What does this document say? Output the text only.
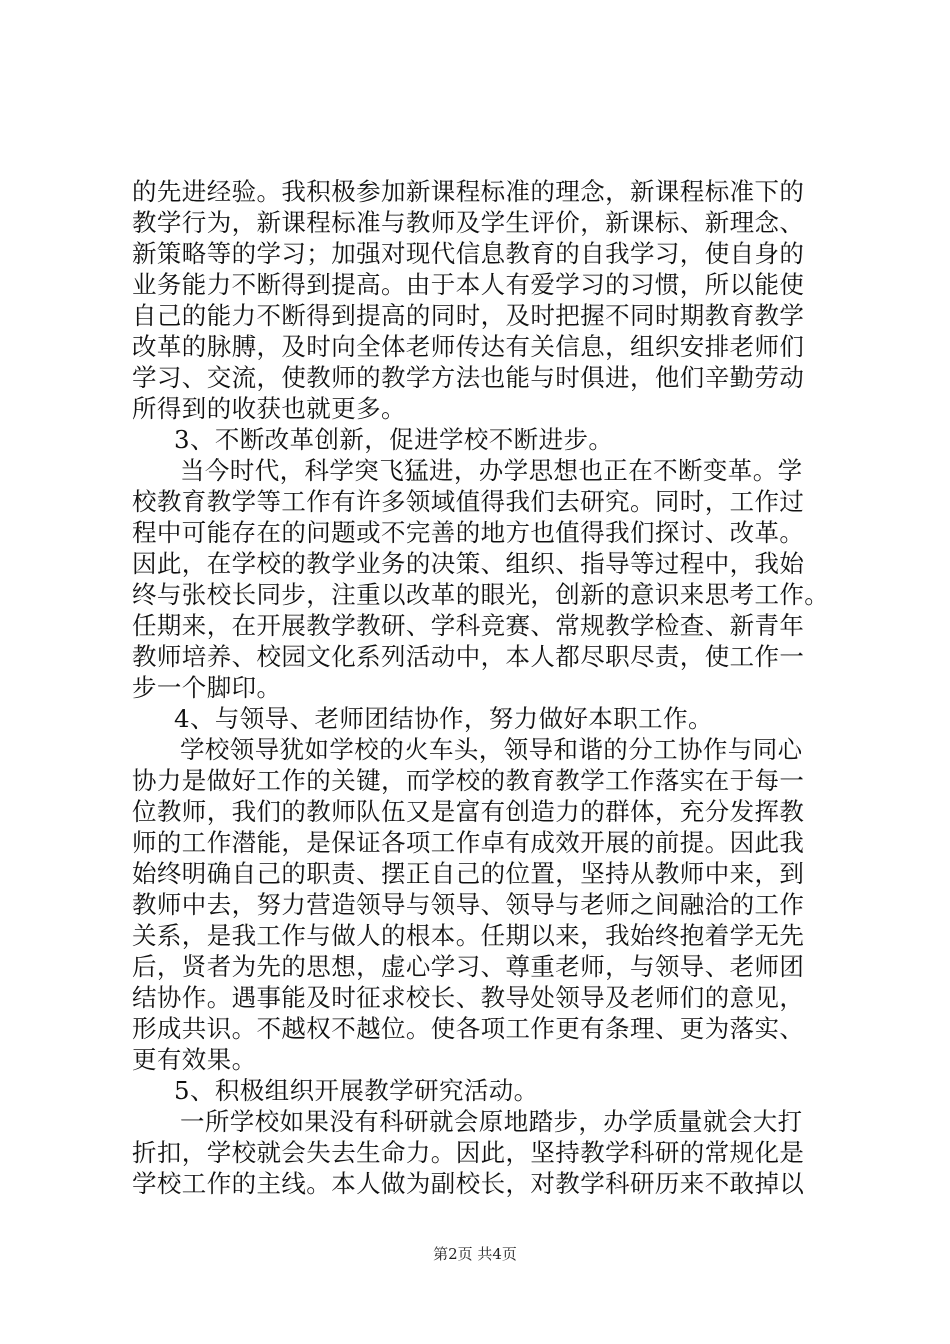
的先进经验。我积极参加新课程标准的理念，新课程标准下的
教学行为，新课程标准与教师及学生评价，新课标、新理念、
新策略等的学习；加强对现代信息教育的自我学习，使自身的
业务能力不断得到提高。由于本人有爱学习的习惯，所以能使
自己的能力不断得到提高的同时，及时把握不同时期教育教学
改革的脉膊，及时向全体老师传达有关信息，组织安排老师们
学习、交流，使教师的教学方法也能与时俱进，他们辛勤劳动
所得到的收获也就更多。
3、不断改革创新，促进学校不断进步。
当今时代，科学突飞猛进，办学思想也正在不断变革。学
校教育教学等工作有许多领域值得我们去研究。同时，工作过
程中可能存在的问题或不完善的地方也值得我们探讨、改革。
因此，在学校的教学业务的决策、组织、指导等过程中，我始
终与张校长同步，注重以改革的眼光，创新的意识来思考工作。
任期来，在开展教学教研、学科竞赛、常规教学检查、新青年
教师培养、校园文化系列活动中，本人都尽职尽责，使工作一
步一个脚印。
4、与领导、老师团结协作，努力做好本职工作。
学校领导犹如学校的火车头，领导和谐的分工协作与同心
协力是做好工作的关键，而学校的教育教学工作落实在于每一
位教师，我们的教师队伍又是富有创造力的群体，充分发挥教
师的工作潜能，是保证各项工作卓有成效开展的前提。因此我
始终明确自己的职责、摆正自己的位置，坚持从教师中来，到
教师中去，努力营造领导与领导、领导与老师之间融洽的工作
关系，是我工作与做人的根本。任期以来，我始终抱着学无先
后，贤者为先的思想，虚心学习、尊重老师，与领导、老师团
结协作。遇事能及时征求校长、教导处领导及老师们的意见，
形成共识。不越权不越位。使各项工作更有条理、更为落实、
更有效果。
5、积极组织开展教学研究活动。
一所学校如果没有科研就会原地踏步，办学质量就会大打
折扣，学校就会失去生命力。因此，坚持教学科研的常规化是
学校工作的主线。本人做为副校长，对教学科研历来不敢掉以
第2页 共4页
